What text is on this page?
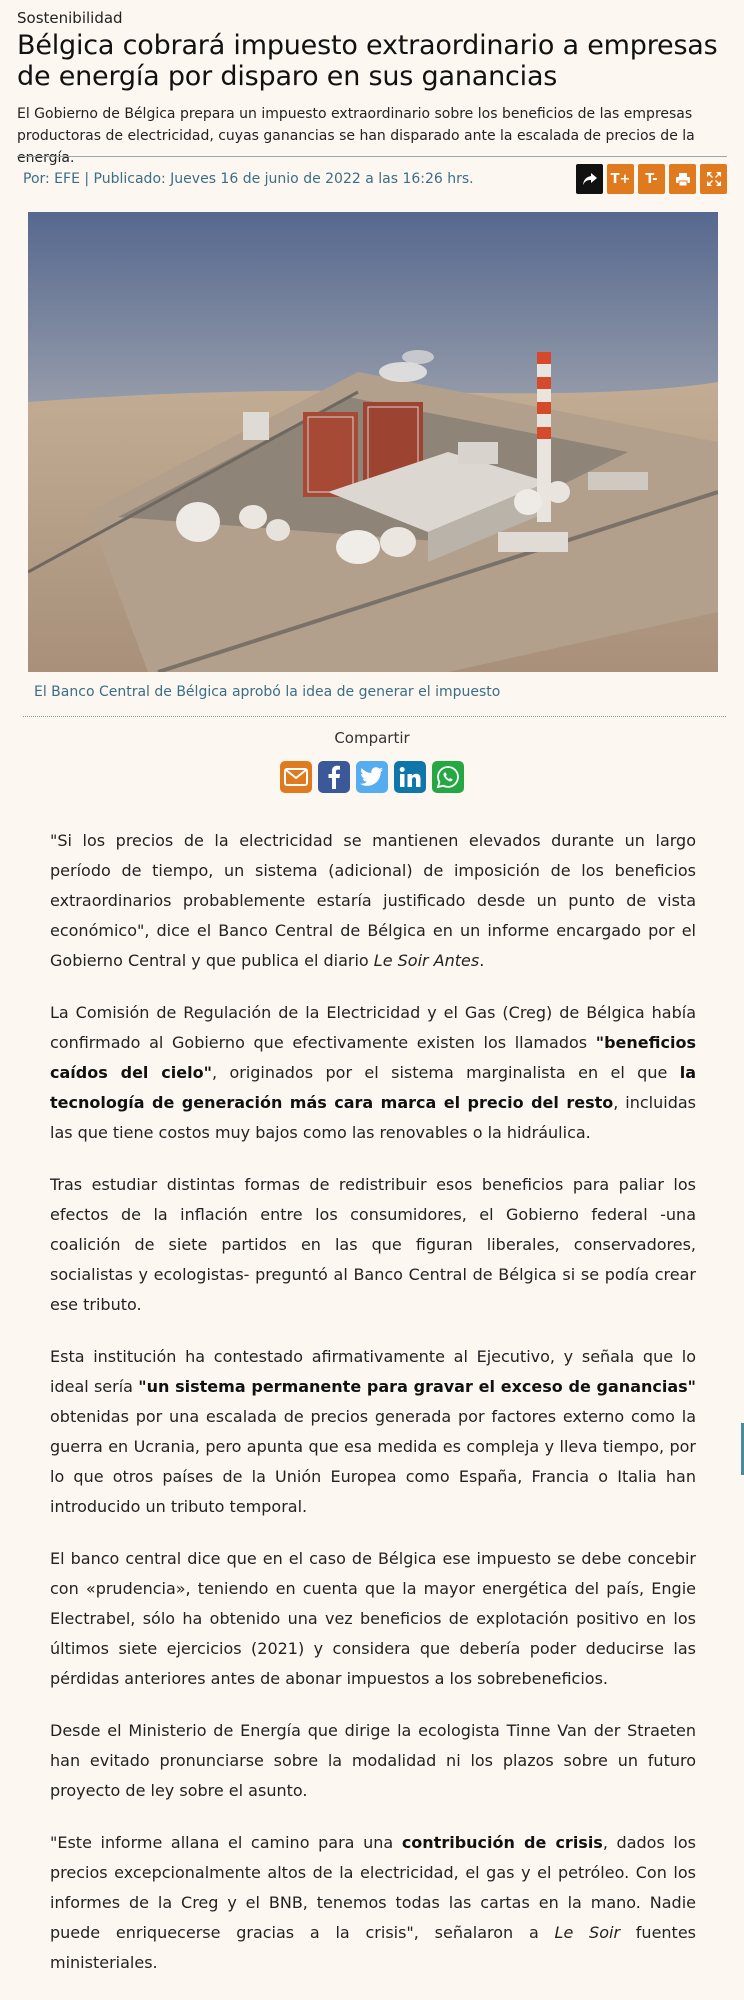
Sostenibilidad
Bélgica cobrará impuesto extraordinario a empresas de energía por disparo en sus ganancias

El Gobierno de Bélgica prepara un impuesto extraordinario sobre los beneficios de las empresas productoras de electricidad, cuyas ganancias se han disparado ante la escalada de precios de la energía.

Por: EFE | Publicado: Jueves 16 de junio de 2022 a las 16:26 hrs.	T+	T-
El Banco Central de Bélgica aprobó la idea de generar el impuesto
Compartir

"Si los precios de la electricidad se mantienen elevados durante un largo período de tiempo, un sistema (adicional) de imposición de los beneficios extraordinarios probablemente estaría justificado desde un punto de vista económico", dice el Banco Central de Bélgica en un informe encargado por el Gobierno Central y que publica el diario Le Soir Antes.

La Comisión de Regulación de la Electricidad y el Gas (Creg) de Bélgica había confirmado al Gobierno que efectivamente existen los llamados "beneficios caídos del cielo", originados por el sistema marginalista en el que la tecnología de generación más cara marca el precio del resto, incluidas las que tiene costos muy bajos como las renovables o la hidráulica.

Tras estudiar distintas formas de redistribuir esos beneficios para paliar los efectos de la inflación entre los consumidores, el Gobierno federal -una coalición de siete partidos en las que figuran liberales, conservadores, socialistas y ecologistas- preguntó al Banco Central de Bélgica si se podía crear ese tributo.

Esta institución ha contestado afirmativamente al Ejecutivo, y señala que lo ideal sería "un sistema permanente para gravar el exceso de ganancias" obtenidas por una escalada de precios generada por factores externo como la guerra en Ucrania, pero apunta que esa medida es compleja y lleva tiempo, por lo que otros países de la Unión Europea como España, Francia o Italia han introducido un tributo temporal.

El banco central dice que en el caso de Bélgica ese impuesto se debe concebir con «prudencia», teniendo en cuenta que la mayor energética del país, Engie Electrabel, sólo ha obtenido una vez beneficios de explotación positivo en los últimos siete ejercicios (2021) y considera que debería poder deducirse las pérdidas anteriores antes de abonar impuestos a los sobrebeneficios.

Desde el Ministerio de Energía que dirige la ecologista Tinne Van der Straeten han evitado pronunciarse sobre la modalidad ni los plazos sobre un futuro proyecto de ley sobre el asunto.

"Este informe allana el camino para una contribución de crisis, dados los precios excepcionalmente altos de la electricidad, el gas y el petróleo. Con los informes de la Creg y el BNB, tenemos todas las cartas en la mano. Nadie puede enriquecerse gracias a la crisis", señalaron a Le Soir fuentes ministeriales.
